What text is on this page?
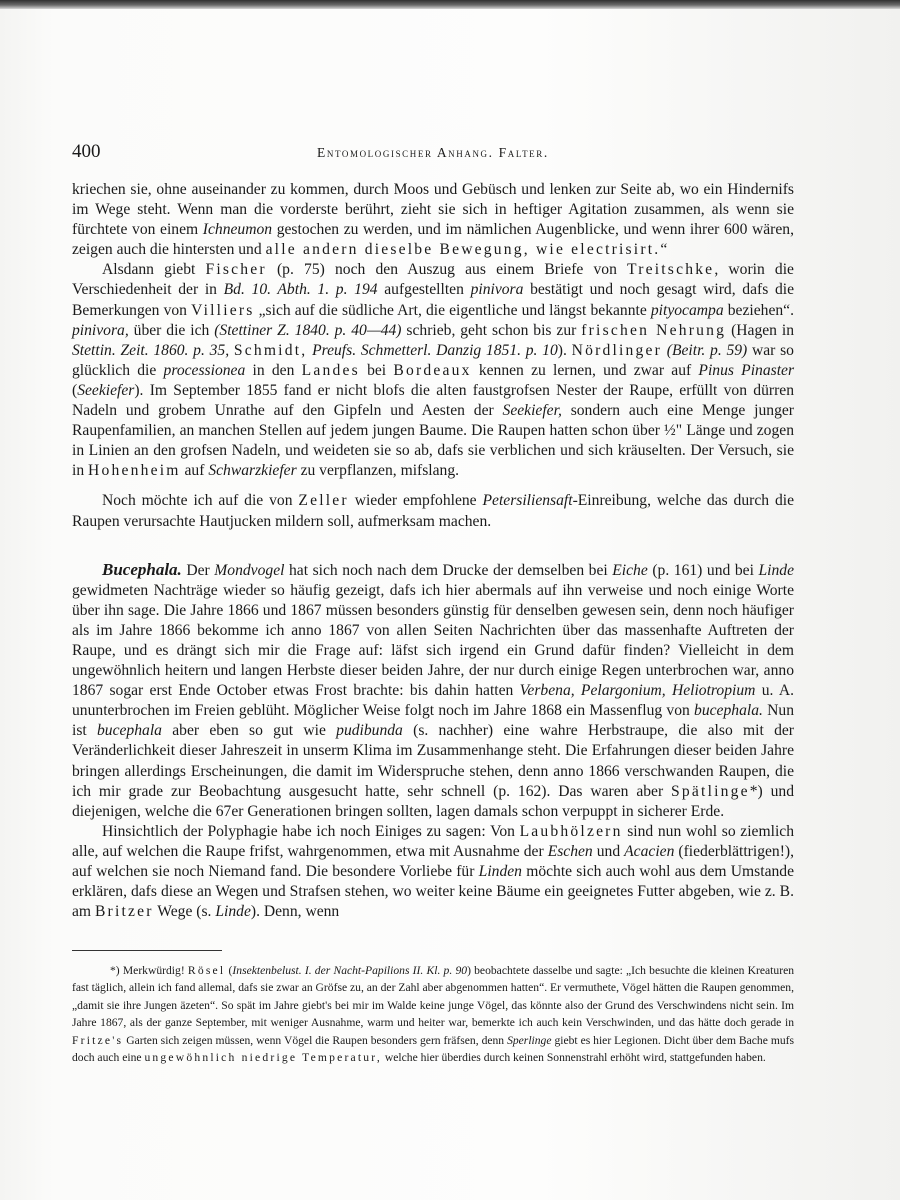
400	Entomologischer Anhang. Falter.

kriechen sie, ohne auseinander zu kommen, durch Moos und Gebüsch und lenken zur Seite ab, wo ein Hindernifs im Wege steht. Wenn man die vorderste berührt, zieht sie sich in heftiger Agitation zusammen, als wenn sie fürchtete von einem Ichneumon gestochen zu werden, und im nämlichen Augenblicke, und wenn ihrer 600 wären, zeigen auch die hintersten und alle andern dieselbe Bewegung, wie electrisirt.“

Alsdann giebt Fischer (p. 75) noch den Auszug aus einem Briefe von Treitschke, worin die Verschiedenheit der in Bd. 10. Abth. 1. p. 194 aufgestellten pinivora bestätigt und noch gesagt wird, dafs die Bemerkungen von Villiers „sich auf die südliche Art, die eigentliche und längst bekannte pityocampa beziehen“. pinivora, über die ich (Stettiner Z. 1840. p. 40—44) schrieb, geht schon bis zur frischen Nehrung (Hagen in Stettin. Zeit. 1860. p. 35, Schmidt, Preufs. Schmetterl. Danzig 1851. p. 10). Nördlinger (Beitr. p. 59) war so glücklich die processionea in den Landes bei Bordeaux kennen zu lernen, und zwar auf Pinus Pinaster (Seekiefer). Im September 1855 fand er nicht blofs die alten faustgrofsen Nester der Raupe, erfüllt von dürren Nadeln und grobem Unrathe auf den Gipfeln und Aesten der Seekiefer, sondern auch eine Menge junger Raupenfamilien, an manchen Stellen auf jedem jungen Baume. Die Raupen hatten schon über ½" Länge und zogen in Linien an den grofsen Nadeln, und weideten sie so ab, dafs sie verblichen und sich kräuselten. Der Versuch, sie in Hohenheim auf Schwarzkiefer zu verpflanzen, mifslang.

Noch möchte ich auf die von Zeller wieder empfohlene Petersiliensaft-Einreibung, welche das durch die Raupen verursachte Hautjucken mildern soll, aufmerksam machen.

Bucephala. Der Mondvogel hat sich noch nach dem Drucke der demselben bei Eiche (p. 161) und bei Linde gewidmeten Nachträge wieder so häufig gezeigt, dafs ich hier abermals auf ihn verweise und noch einige Worte über ihn sage. Die Jahre 1866 und 1867 müssen besonders günstig für denselben gewesen sein, denn noch häufiger als im Jahre 1866 bekomme ich anno 1867 von allen Seiten Nachrichten über das massenhafte Auftreten der Raupe, und es drängt sich mir die Frage auf: läfst sich irgend ein Grund dafür finden? Vielleicht in dem ungewöhnlich heitern und langen Herbste dieser beiden Jahre, der nur durch einige Regen unterbrochen war, anno 1867 sogar erst Ende October etwas Frost brachte: bis dahin hatten Verbena, Pelargonium, Heliotropium u. A. ununterbrochen im Freien geblüht. Möglicher Weise folgt noch im Jahre 1868 ein Massenflug von bucephala. Nun ist bucephala aber eben so gut wie pudibunda (s. nachher) eine wahre Herbstraupe, die also mit der Veränderlichkeit dieser Jahreszeit in unserm Klima im Zusammenhange steht. Die Erfahrungen dieser beiden Jahre bringen allerdings Erscheinungen, die damit im Widerspruche stehen, denn anno 1866 verschwanden Raupen, die ich mir grade zur Beobachtung ausgesucht hatte, sehr schnell (p. 162). Das waren aber Spätlinge*) und diejenigen, welche die 67er Generationen bringen sollten, lagen damals schon verpuppt in sicherer Erde.

Hinsichtlich der Polyphagie habe ich noch Einiges zu sagen: Von Laubhölzern sind nun wohl so ziemlich alle, auf welchen die Raupe frifst, wahrgenommen, etwa mit Ausnahme der Eschen und Acacien (fiederblättrigen!), auf welchen sie noch Niemand fand. Die besondere Vorliebe für Linden möchte sich auch wohl aus dem Umstande erklären, dafs diese an Wegen und Strafsen stehen, wo weiter keine Bäume ein geeignetes Futter abgeben, wie z. B. am Britzer Wege (s. Linde). Denn, wenn

*) Merkwürdig! Rösel (Insektenbelust. I. der Nacht-Papilions II. Kl. p. 90) beobachtete dasselbe und sagte: „Ich besuchte die kleinen Kreaturen fast täglich, allein ich fand allemal, dafs sie zwar an Gröfse zu, an der Zahl aber abgenommen hatten“. Er vermuthete, Vögel hätten die Raupen genommen, „damit sie ihre Jungen äzeten“. So spät im Jahre giebt's bei mir im Walde keine junge Vögel, das könnte also der Grund des Verschwindens nicht sein. Im Jahre 1867, als der ganze September, mit weniger Ausnahme, warm und heiter war, bemerkte ich auch kein Verschwinden, und das hätte doch gerade in Fritze's Garten sich zeigen müssen, wenn Vögel die Raupen besonders gern fräfsen, denn Sperlinge giebt es hier Legionen. Dicht über dem Bache mufs doch auch eine ungewöhnlich niedrige Temperatur, welche hier überdies durch keinen Sonnenstrahl erhöht wird, stattgefunden haben.
